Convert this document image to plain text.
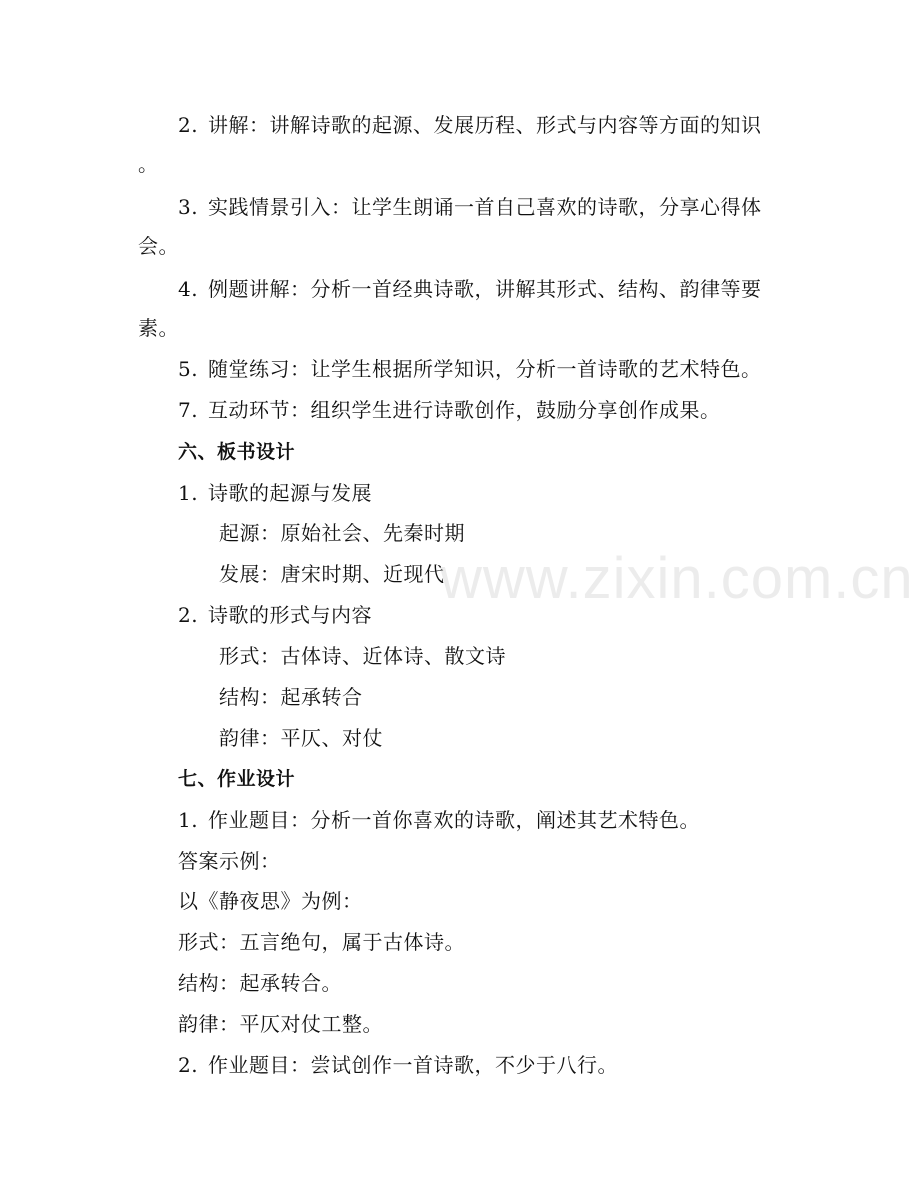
2. 讲解：讲解诗歌的起源、发展历程、形式与内容等方面的知识
。
3. 实践情景引入：让学生朗诵一首自己喜欢的诗歌，分享心得体
会。
4. 例题讲解：分析一首经典诗歌，讲解其形式、结构、韵律等要
素。
5. 随堂练习：让学生根据所学知识，分析一首诗歌的艺术特色。
7. 互动环节：组织学生进行诗歌创作，鼓励分享创作成果。
六、板书设计
1. 诗歌的起源与发展
起源：原始社会、先秦时期
发展：唐宋时期、近现代
2. 诗歌的形式与内容
形式：古体诗、近体诗、散文诗
结构：起承转合
韵律：平仄、对仗
七、作业设计
1. 作业题目：分析一首你喜欢的诗歌，阐述其艺术特色。
答案示例：
以《静夜思》为例：
形式：五言绝句，属于古体诗。
结构：起承转合。
韵律：平仄对仗工整。
2. 作业题目：尝试创作一首诗歌，不少于八行。
www.zixin.com.cn
